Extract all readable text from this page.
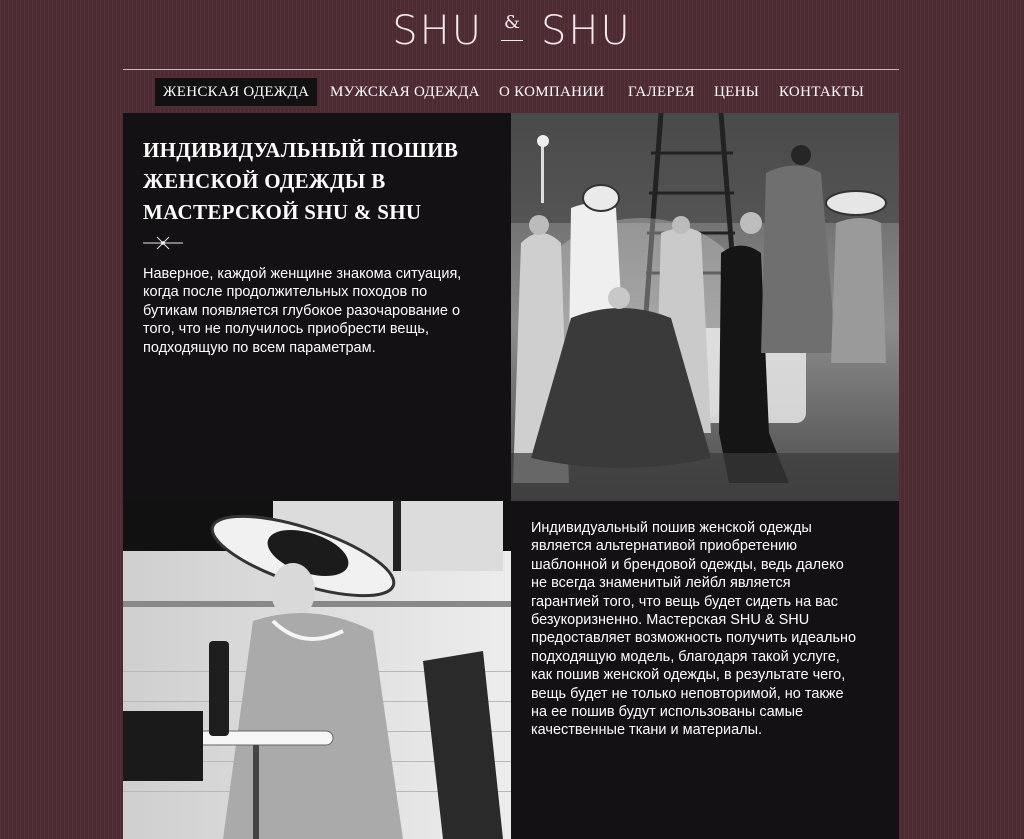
SHU & SHU
ЖЕНСКАЯ ОДЕЖДА	МУЖСКАЯ ОДЕЖДА	О КОМПАНИИ	ГАЛЕРЕЯ	ЦЕНЫ	КОНТАКТЫ
ИНДИВИДУАЛЬНЫЙ ПОШИВ ЖЕНСКОЙ ОДЕЖДЫ В МАСТЕРСКОЙ SHU & SHU

Наверное, каждой женщине знакома ситуация, когда после продолжительных походов по бутикам появляется глубокое разочарование о того, что не получилось приобрести вещь, подходящую по всем параметрам.

Индивидуальный пошив женской одежды является альтернативой приобретению шаблонной и брендовой одежды, ведь далеко не всегда знаменитый лейбл является гарантией того, что вещь будет сидеть на вас безукоризненно. Мастерская SHU & SHU предоставляет возможность получить идеально подходящую модель, благодаря такой услуге, как пошив женской одежды, в результате чего, вещь будет не только неповторимой, но также на ее пошив будут использованы самые качественные ткани и материалы.
